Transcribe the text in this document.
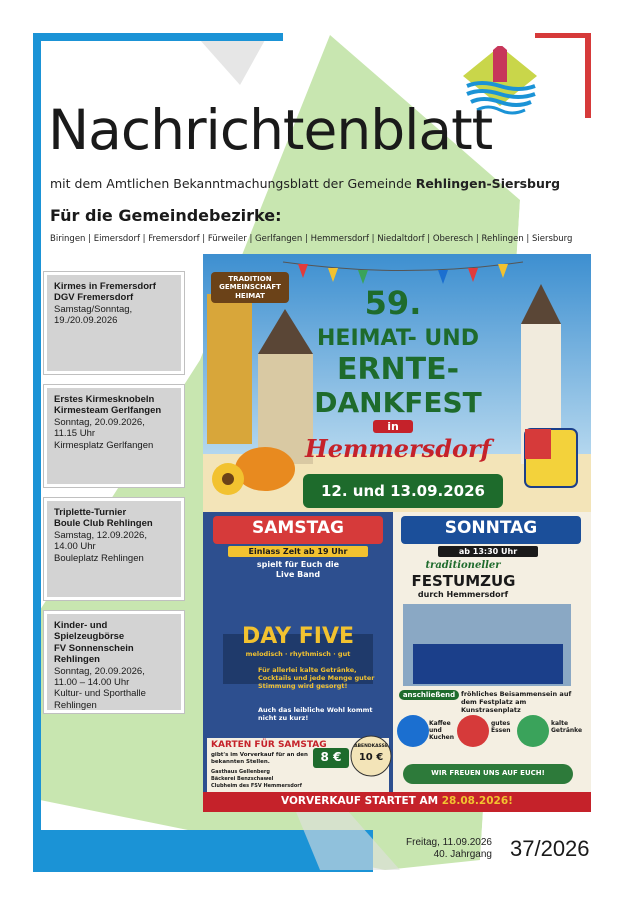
Nachrichtenblatt
mit dem Amtlichen Bekanntmachungsblatt der Gemeinde Rehlingen-Siersburg
Für die Gemeindebezirke:
Biringen | Eimersdorf | Fremersdorf | Fürweiler | Gerlfangen | Hemmersdorf | Niedaltdorf | Oberesch | Rehlingen | Siersburg
Kirmes in Fremersdorf
DGV Fremersdorf
Samstag/Sonntag,
19./20.09.2026
Erstes Kirmesknobeln
Kirmesteam Gerlfangen
Sonntag, 20.09.2026,
11.15 Uhr
Kirmesplatz Gerlfangen
Triplette-Turnier
Boule Club Rehlingen
Samstag, 12.09.2026,
14.00 Uhr
Bouleplatz Rehlingen
Kinder- und Spielzeugbörse
FV Sonnenschein Rehlingen
Sonntag, 20.09.2026,
11.00 – 14.00 Uhr
Kultur- und Sporthalle
Rehlingen
TRADITION GEMEINSCHAFT HEIMAT	59.
HEIMAT- UND
ERNTE-
DANKFEST
in
Hemmersdorf
12. und 13.09.2026
SAMSTAG
Einlass Zelt ab 19 Uhr
spielt für Euch die Live Band
DAY FIVE
melodisch · rhythmisch · gut
Für allerlei kalte Getränke, Cocktails und jede Menge guter Stimmung wird gesorgt!
Auch das leibliche Wohl kommt nicht zu kurz!
KARTEN FÜR SAMSTAG
gibt's im Vorverkauf für an den bekannten Stellen.	8 €
Gasthaus Gellenberg
Bäckerei Benzschawel
Clubheim des FSV Hemmersdorf
ABENDKASSE
10 €
SONNTAG
ab 13:30 Uhr
traditioneller
FESTUMZUG
durch Hemmersdorf
anschließend fröhliches Beisammensein auf dem Festplatz am Kunstrasenplatz
Kaffee und Kuchen
gutes Essen
kalte Getränke
WIR FREUEN UNS AUF EUCH!
VORVERKAUF STARTET AM 28.08.2026!
Freitag, 11.09.2026
40. Jahrgang 37/2026
